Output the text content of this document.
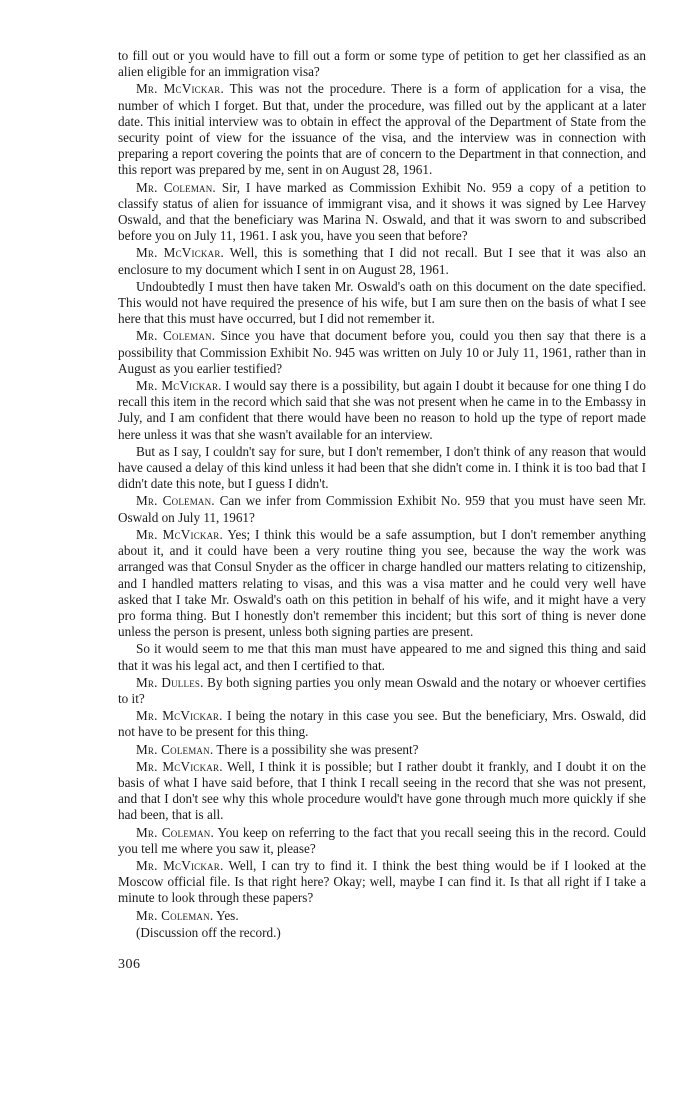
to fill out or you would have to fill out a form or some type of petition to get her classified as an alien eligible for an immigration visa?

Mr. McVickar. This was not the procedure. There is a form of application for a visa, the number of which I forget. But that, under the procedure, was filled out by the applicant at a later date. This initial interview was to obtain in effect the approval of the Department of State from the security point of view for the issuance of the visa, and the interview was in connection with preparing a report covering the points that are of concern to the Department in that connection, and this report was prepared by me, sent in on August 28, 1961.

Mr. Coleman. Sir, I have marked as Commission Exhibit No. 959 a copy of a petition to classify status of alien for issuance of immigrant visa, and it shows it was signed by Lee Harvey Oswald, and that the beneficiary was Marina N. Oswald, and that it was sworn to and subscribed before you on July 11, 1961. I ask you, have you seen that before?

Mr. McVickar. Well, this is something that I did not recall. But I see that it was also an enclosure to my document which I sent in on August 28, 1961.

Undoubtedly I must then have taken Mr. Oswald's oath on this document on the date specified. This would not have required the presence of his wife, but I am sure then on the basis of what I see here that this must have occurred, but I did not remember it.

Mr. Coleman. Since you have that document before you, could you then say that there is a possibility that Commission Exhibit No. 945 was written on July 10 or July 11, 1961, rather than in August as you earlier testified?

Mr. McVickar. I would say there is a possibility, but again I doubt it because for one thing I do recall this item in the record which said that she was not present when he came in to the Embassy in July, and I am confident that there would have been no reason to hold up the type of report made here unless it was that she wasn't available for an interview.

But as I say, I couldn't say for sure, but I don't remember, I don't think of any reason that would have caused a delay of this kind unless it had been that she didn't come in. I think it is too bad that I didn't date this note, but I guess I didn't.

Mr. Coleman. Can we infer from Commission Exhibit No. 959 that you must have seen Mr. Oswald on July 11, 1961?

Mr. McVickar. Yes; I think this would be a safe assumption, but I don't remember anything about it, and it could have been a very routine thing you see, because the way the work was arranged was that Consul Snyder as the officer in charge handled our matters relating to citizenship, and I handled matters relating to visas, and this was a visa matter and he could very well have asked that I take Mr. Oswald's oath on this petition in behalf of his wife, and it might have a very pro forma thing. But I honestly don't remember this incident; but this sort of thing is never done unless the person is present, unless both signing parties are present.

So it would seem to me that this man must have appeared to me and signed this thing and said that it was his legal act, and then I certified to that.

Mr. Dulles. By both signing parties you only mean Oswald and the notary or whoever certifies to it?

Mr. McVickar. I being the notary in this case you see. But the beneficiary, Mrs. Oswald, did not have to be present for this thing.

Mr. Coleman. There is a possibility she was present?

Mr. McVickar. Well, I think it is possible; but I rather doubt it frankly, and I doubt it on the basis of what I have said before, that I think I recall seeing in the record that she was not present, and that I don't see why this whole procedure would't have gone through much more quickly if she had been, that is all.

Mr. Coleman. You keep on referring to the fact that you recall seeing this in the record. Could you tell me where you saw it, please?

Mr. McVickar. Well, I can try to find it. I think the best thing would be if I looked at the Moscow official file. Is that right here? Okay; well, maybe I can find it. Is that all right if I take a minute to look through these papers?

Mr. Coleman. Yes.

(Discussion off the record.)

306
